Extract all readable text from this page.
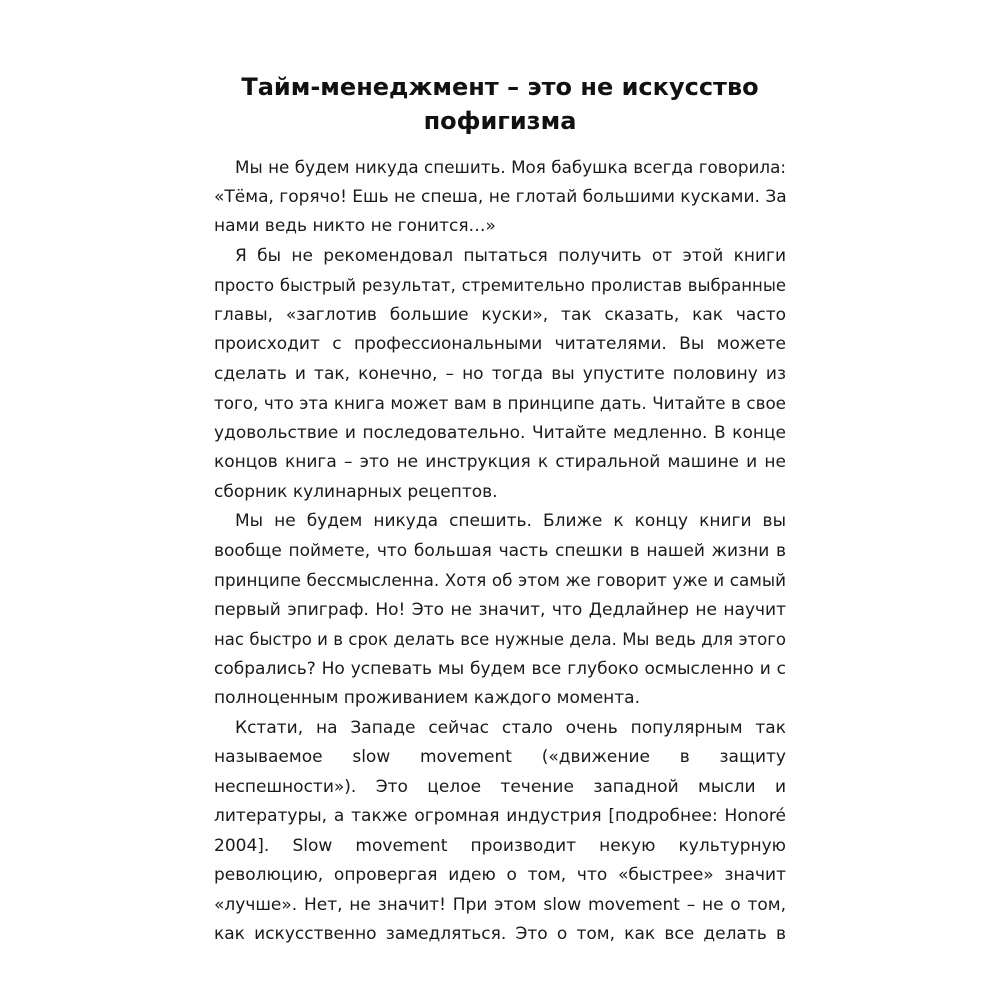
Тайм-менеджмент – это не искусство
пофигизма
Мы не будем никуда спешить. Моя бабушка всегда говорила:
«Тёма, горячо! Ешь не спеша, не глотай большими кусками. За
нами ведь никто не гонится…»
Я бы не рекомендовал пытаться получить от этой книги
просто быстрый результат, стремительно пролистав выбранные
главы, «заглотив большие куски», так сказать, как часто
происходит с профессиональными читателями. Вы можете
сделать и так, конечно, – но тогда вы упустите половину из
того, что эта книга может вам в принципе дать. Читайте в свое
удовольствие и последовательно. Читайте медленно. В конце
концов книга – это не инструкция к стиральной машине и не
сборник кулинарных рецептов.
Мы не будем никуда спешить. Ближе к концу книги вы
вообще поймете, что большая часть спешки в нашей жизни в
принципе бессмысленна. Хотя об этом же говорит уже и самый
первый эпиграф. Но! Это не значит, что Дедлайнер не научит
нас быстро и в срок делать все нужные дела. Мы ведь для этого
собрались? Но успевать мы будем все глубоко осмысленно и с
полноценным проживанием каждого момента.
Кстати, на Западе сейчас стало очень популярным так
называемое slow movement («движение в защиту
неспешности»). Это целое течение западной мысли и
литературы, а также огромная индустрия [подробнее: Honoré
2004]. Slow movement производит некую культурную
революцию, опровергая идею о том, что «быстрее» значит
«лучше». Нет, не значит! При этом slow movement – не о том,
как искусственно замедляться. Это о том, как все делать в
